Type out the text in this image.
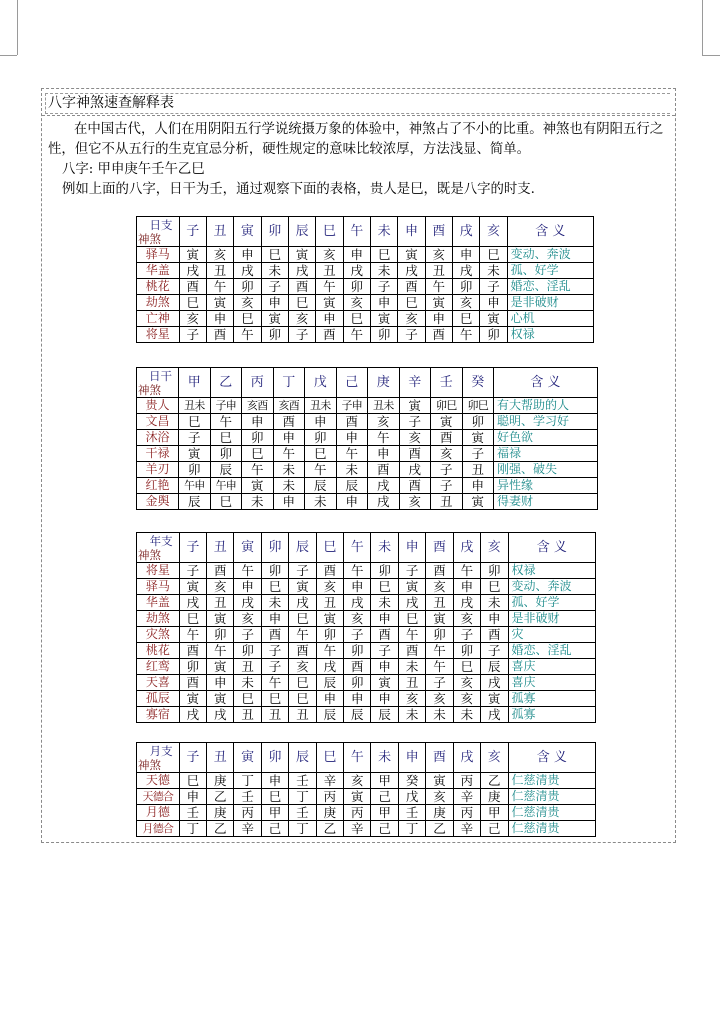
八字神煞速查解释表

在中国古代，人们在用阴阳五行学说统摄万象的体验中，神煞占了不小的比重。神煞也有阴阳五行之性，但它不从五行的生克宜忌分析，硬性规定的意味比较浓厚，方法浅显、简单。

八字: 甲申庚午壬午乙巳

例如上面的八字，日干为壬，通过观察下面的表格，贵人是巳，既是八字的时支.

日支
神煞	子	丑	寅	卯	辰	巳	午	未	申	酉	戌	亥	含 义
驿马	寅	亥	申	巳	寅	亥	申	巳	寅	亥	申	巳	变动、奔波
华盖	戌	丑	戌	未	戌	丑	戌	未	戌	丑	戌	未	孤、好学
桃花	酉	午	卯	子	酉	午	卯	子	酉	午	卯	子	婚恋、淫乱
劫煞	巳	寅	亥	申	巳	寅	亥	申	巳	寅	亥	申	是非破财
亡神	亥	申	巳	寅	亥	申	巳	寅	亥	申	巳	寅	心机
将星	子	酉	午	卯	子	酉	午	卯	子	酉	午	卯	权禄
日干
神煞	甲	乙	丙	丁	戊	己	庚	辛	壬	癸	含 义
贵人	丑未	子申	亥酉	亥酉	丑未	子申	丑未	寅	卯巳	卯巳	有大帮助的人
文昌	巳	午	申	酉	申	酉	亥	子	寅	卯	聪明、学习好
沐浴	子	巳	卯	申	卯	申	午	亥	酉	寅	好色欲
干禄	寅	卯	巳	午	巳	午	申	酉	亥	子	福禄
羊刃	卯	辰	午	未	午	未	酉	戌	子	丑	刚强、破失
红艳	午申	午申	寅	未	辰	辰	戌	酉	子	申	异性缘
金舆	辰	巳	未	申	未	申	戌	亥	丑	寅	得妻财
年支
神煞	子	丑	寅	卯	辰	巳	午	未	申	酉	戌	亥	含 义
将星	子	酉	午	卯	子	酉	午	卯	子	酉	午	卯	权禄
驿马	寅	亥	申	巳	寅	亥	申	巳	寅	亥	申	巳	变动、奔波
华盖	戌	丑	戌	未	戌	丑	戌	未	戌	丑	戌	未	孤、好学
劫煞	巳	寅	亥	申	巳	寅	亥	申	巳	寅	亥	申	是非破财
灾煞	午	卯	子	酉	午	卯	子	酉	午	卯	子	酉	灾
桃花	酉	午	卯	子	酉	午	卯	子	酉	午	卯	子	婚恋、淫乱
红鸾	卯	寅	丑	子	亥	戌	酉	申	未	午	巳	辰	喜庆
天喜	酉	申	未	午	巳	辰	卯	寅	丑	子	亥	戌	喜庆
孤辰	寅	寅	巳	巳	巳	申	申	申	亥	亥	亥	寅	孤寡
寡宿	戌	戌	丑	丑	丑	辰	辰	辰	未	未	未	戌	孤寡
月支
神煞	子	丑	寅	卯	辰	巳	午	未	申	酉	戌	亥	含 义
天德	巳	庚	丁	申	壬	辛	亥	甲	癸	寅	丙	乙	仁慈清贵
天德合	申	乙	壬	巳	丁	丙	寅	己	戊	亥	辛	庚	仁慈清贵
月德	壬	庚	丙	甲	壬	庚	丙	甲	壬	庚	丙	甲	仁慈清贵
月德合	丁	乙	辛	己	丁	乙	辛	己	丁	乙	辛	己	仁慈清贵
